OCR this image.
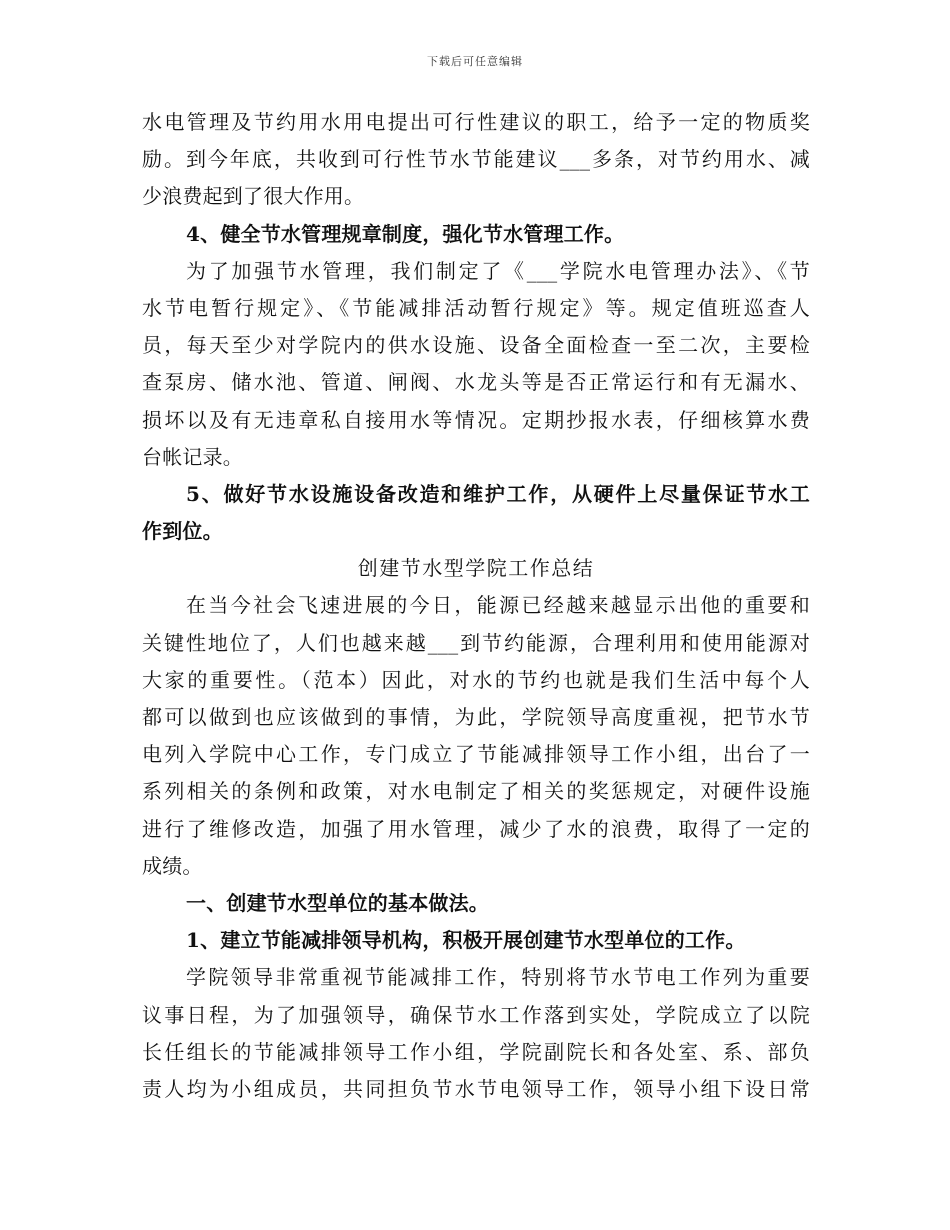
下载后可任意编辑
水电管理及节约用水用电提出可行性建议的职工，给予一定的物质奖
励。到今年底，共收到可行性节水节能建议___多条，对节约用水、减
少浪费起到了很大作用。
4、健全节水管理规章制度，强化节水管理工作。
为了加强节水管理，我们制定了《___学院水电管理办法》、《节
水节电暂行规定》、《节能减排活动暂行规定》等。规定值班巡查人
员，每天至少对学院内的供水设施、设备全面检查一至二次，主要检
查泵房、储水池、管道、闸阀、水龙头等是否正常运行和有无漏水、
损坏以及有无违章私自接用水等情况。定期抄报水表，仔细核算水费
台帐记录。
5、做好节水设施设备改造和维护工作，从硬件上尽量保证节水工
作到位。
创建节水型学院工作总结
在当今社会飞速进展的今日，能源已经越来越显示出他的重要和
关键性地位了，人们也越来越___到节约能源，合理利用和使用能源对
大家的重要性。（范本）因此，对水的节约也就是我们生活中每个人
都可以做到也应该做到的事情，为此，学院领导高度重视，把节水节
电列入学院中心工作，专门成立了节能减排领导工作小组，出台了一
系列相关的条例和政策，对水电制定了相关的奖惩规定，对硬件设施
进行了维修改造，加强了用水管理，减少了水的浪费，取得了一定的
成绩。
一、创建节水型单位的基本做法。
1、建立节能减排领导机构，积极开展创建节水型单位的工作。
学院领导非常重视节能减排工作，特别将节水节电工作列为重要
议事日程，为了加强领导，确保节水工作落到实处，学院成立了以院
长任组长的节能减排领导工作小组，学院副院长和各处室、系、部负
责人均为小组成员，共同担负节水节电领导工作，领导小组下设日常
